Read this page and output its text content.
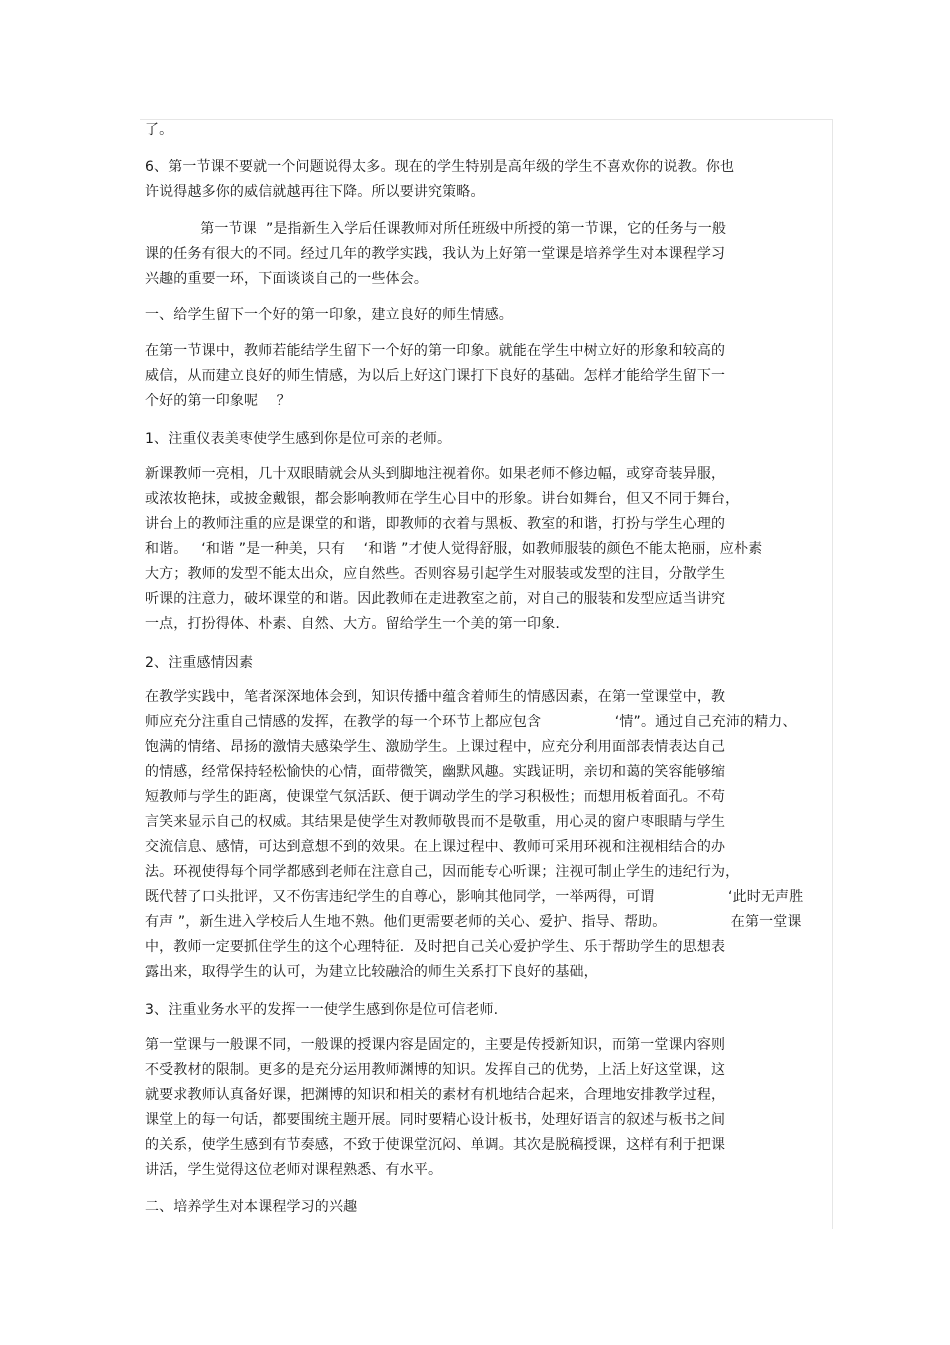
了。
6、第一节课不要就一个问题说得太多。现在的学生特别是高年级的学生不喜欢你的说教。你也
许说得越多你的威信就越再往下降。所以要讲究策略。
第一节课  ”是指新生入学后任课教师对所任班级中所授的第一节课，它的任务与一般
课的任务有很大的不同。经过几年的教学实践，我认为上好第一堂课是培养学生对本课程学习
兴趣的重要一环，下面谈谈自己的一些体会。
一、给学生留下一个好的第一印象，建立良好的师生情感。
在第一节课中，教师若能结学生留下一个好的第一印象。就能在学生中树立好的形象和较高的
威信，从而建立良好的师生情感，为以后上好这门课打下良好的基础。怎样才能给学生留下一
个好的第一印象呢    ？
1、注重仪表美枣使学生感到你是位可亲的老师。
新课教师一亮相，几十双眼睛就会从头到脚地注视着你。如果老师不修边幅，或穿奇装异服，
或浓妆艳抹，或披金戴银，都会影响教师在学生心目中的形象。讲台如舞台，但又不同于舞台，
讲台上的教师注重的应是课堂的和谐，即教师的衣着与黑板、教室的和谐，打扮与学生心理的
和谐。   ‘和谐 ”是一种美，只有    ‘和谐 ”才使人觉得舒服，如教师服装的颜色不能太艳丽，应朴素
大方；教师的发型不能太出众，应自然些。否则容易引起学生对服装或发型的注目，分散学生
听课的注意力，破坏课堂的和谐。因此教师在走进教室之前，对自己的服装和发型应适当讲究
一点，打扮得体、朴素、自然、大方。留给学生一个美的第一印象.
2、注重感情因素
在教学实践中，笔者深深地体会到，知识传播中蕴含着师生的情感因素，在第一堂课堂中，教
师应充分注重自己情感的发挥，在教学的每一个环节上都应包含                ‘情”。通过自己充沛的精力、
饱满的情绪、昂扬的激情夫感染学生、激励学生。上课过程中，应充分利用面部表情表达自己
的情感，经常保持轻松愉快的心情，面带微笑，幽默风趣。实践证明，亲切和蔼的笑容能够缩
短教师与学生的距离，使课堂气氛活跃、便于调动学生的学习积极性；而想用板着面孔。不苟
言笑来显示自己的权威。其结果是使学生对教师敬畏而不是敬重，用心灵的窗户枣眼睛与学生
交流信息、感情，可达到意想不到的效果。在上课过程中、教师可采用环视和注视相结合的办
法。环视使得每个同学都感到老师在注意自己，因而能专心听课；注视可制止学生的违纪行为，
既代替了口头批评，又不伤害违纪学生的自尊心，影响其他同学，一举两得，可谓                ‘此时无声胜
有声 ”，新生进入学校后人生地不熟。他们更需要老师的关心、爱护、指导、帮助。              在第一堂课
中，教师一定要抓住学生的这个心理特征．及时把自己关心爱护学生、乐于帮助学生的思想表
露出来，取得学生的认可，为建立比较融洽的师生关系打下良好的基础，
3、注重业务水平的发挥一一使学生感到你是位可信老师.
第一堂课与一般课不同，一般课的授课内容是固定的，主要是传授新知识，而第一堂课内容则
不受教材的限制。更多的是充分运用教师渊博的知识。发挥自己的优势，上活上好这堂课，这
就要求教师认真备好课，把渊博的知识和相关的素材有机地结合起来，合理地安排教学过程，
课堂上的每一句话，都要围统主题开展。同时要精心设计板书，处理好语言的叙述与板书之间
的关系，使学生感到有节奏感，不致于使课堂沉闷、单调。其次是脱稿授课，这样有利于把课
讲活，学生觉得这位老师对课程熟悉、有水平。
二、培养学生对本课程学习的兴趣
